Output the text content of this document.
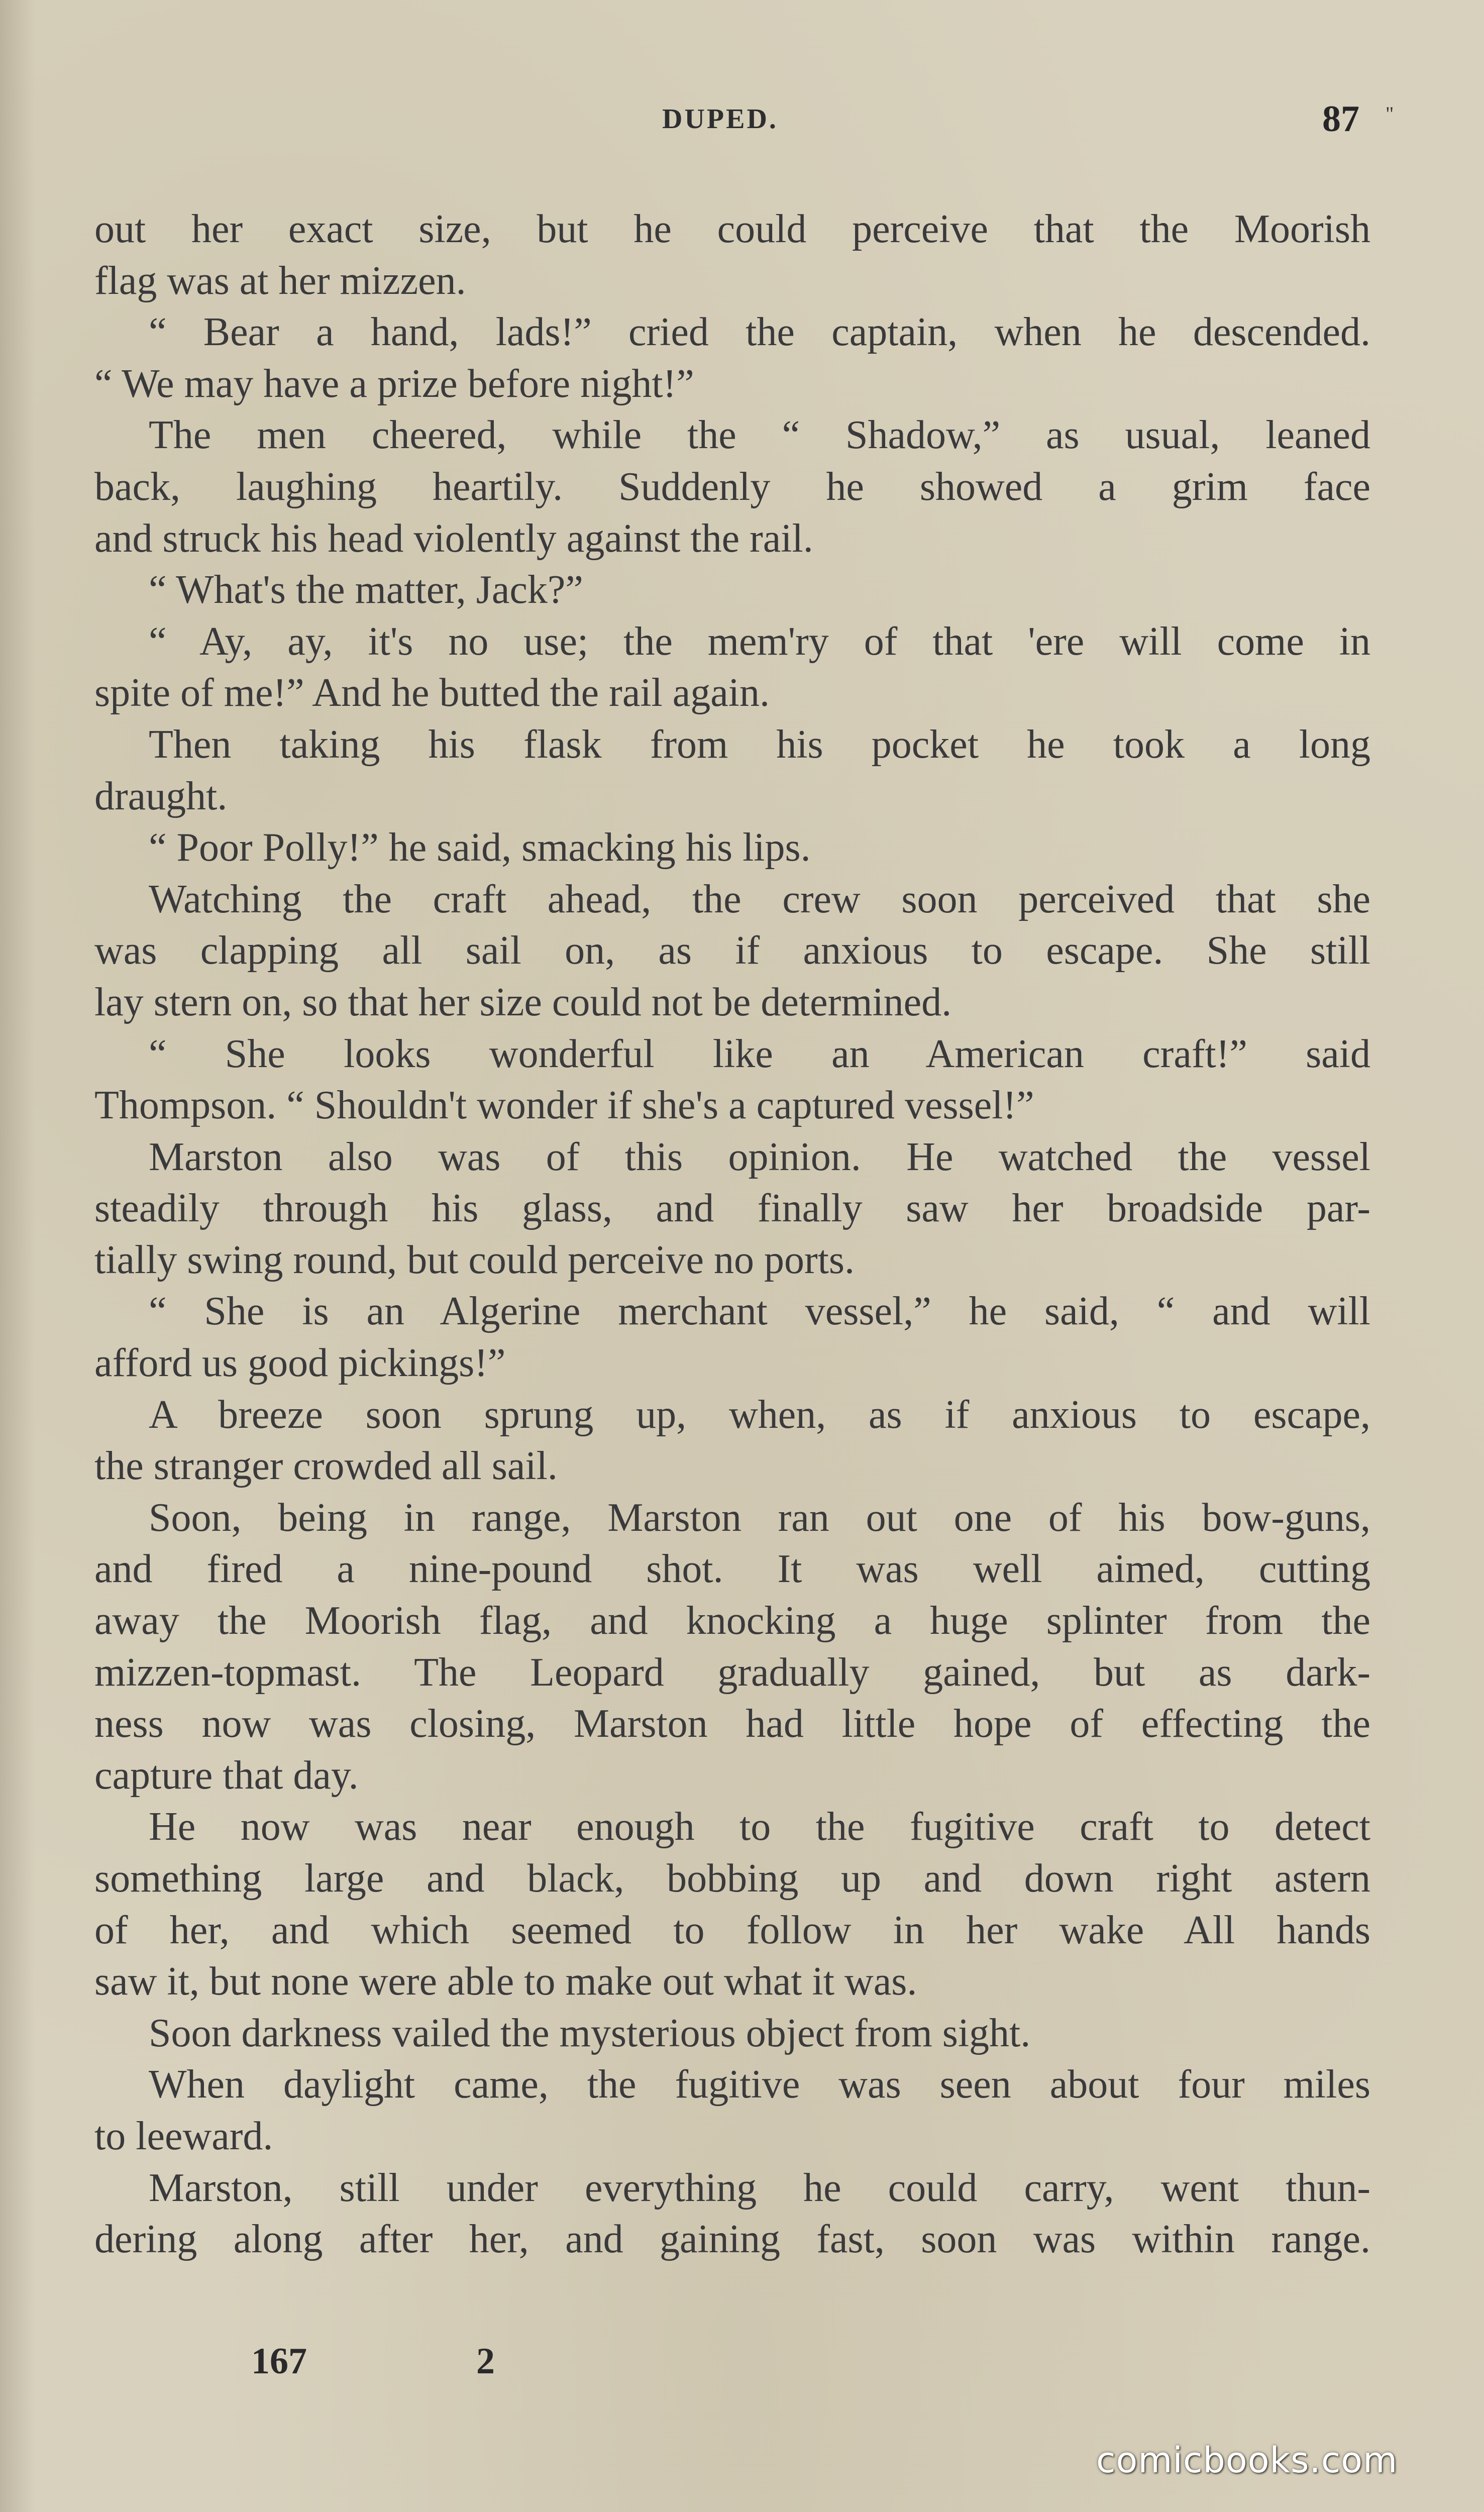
DUPED.	87 "
out her exact size, but he could perceive that the Moorish
flag was at her mizzen.
“ Bear a hand, lads!” cried the captain, when he descended.
“ We may have a prize before night!”
The men cheered, while the “ Shadow,” as usual, leaned
back, laughing heartily. Suddenly he showed a grim face
and struck his head violently against the rail.
“ What's the matter, Jack?”
“ Ay, ay, it's no use; the mem'ry of that 'ere will come in
spite of me!” And he butted the rail again.
Then taking his flask from his pocket he took a long
draught.
“ Poor Polly!” he said, smacking his lips.
Watching the craft ahead, the crew soon perceived that she
was clapping all sail on, as if anxious to escape. She still
lay stern on, so that her size could not be determined.
“ She looks wonderful like an American craft!” said
Thompson. “ Shouldn't wonder if she's a captured vessel!”
Marston also was of this opinion. He watched the vessel
steadily through his glass, and finally saw her broadside par-
tially swing round, but could perceive no ports.
“ She is an Algerine merchant vessel,” he said, “ and will
afford us good pickings!”
A breeze soon sprung up, when, as if anxious to escape,
the stranger crowded all sail.
Soon, being in range, Marston ran out one of his bow-guns,
and fired a nine-pound shot. It was well aimed, cutting
away the Moorish flag, and knocking a huge splinter from the
mizzen-topmast. The Leopard gradually gained, but as dark-
ness now was closing, Marston had little hope of effecting the
capture that day.
He now was near enough to the fugitive craft to detect
something large and black, bobbing up and down right astern
of her, and which seemed to follow in her wake All hands
saw it, but none were able to make out what it was.
Soon darkness vailed the mysterious object from sight.
When daylight came, the fugitive was seen about four miles
to leeward.
Marston, still under everything he could carry, went thun-
dering along after her, and gaining fast, soon was within range.
167	2
comicbooks.com
